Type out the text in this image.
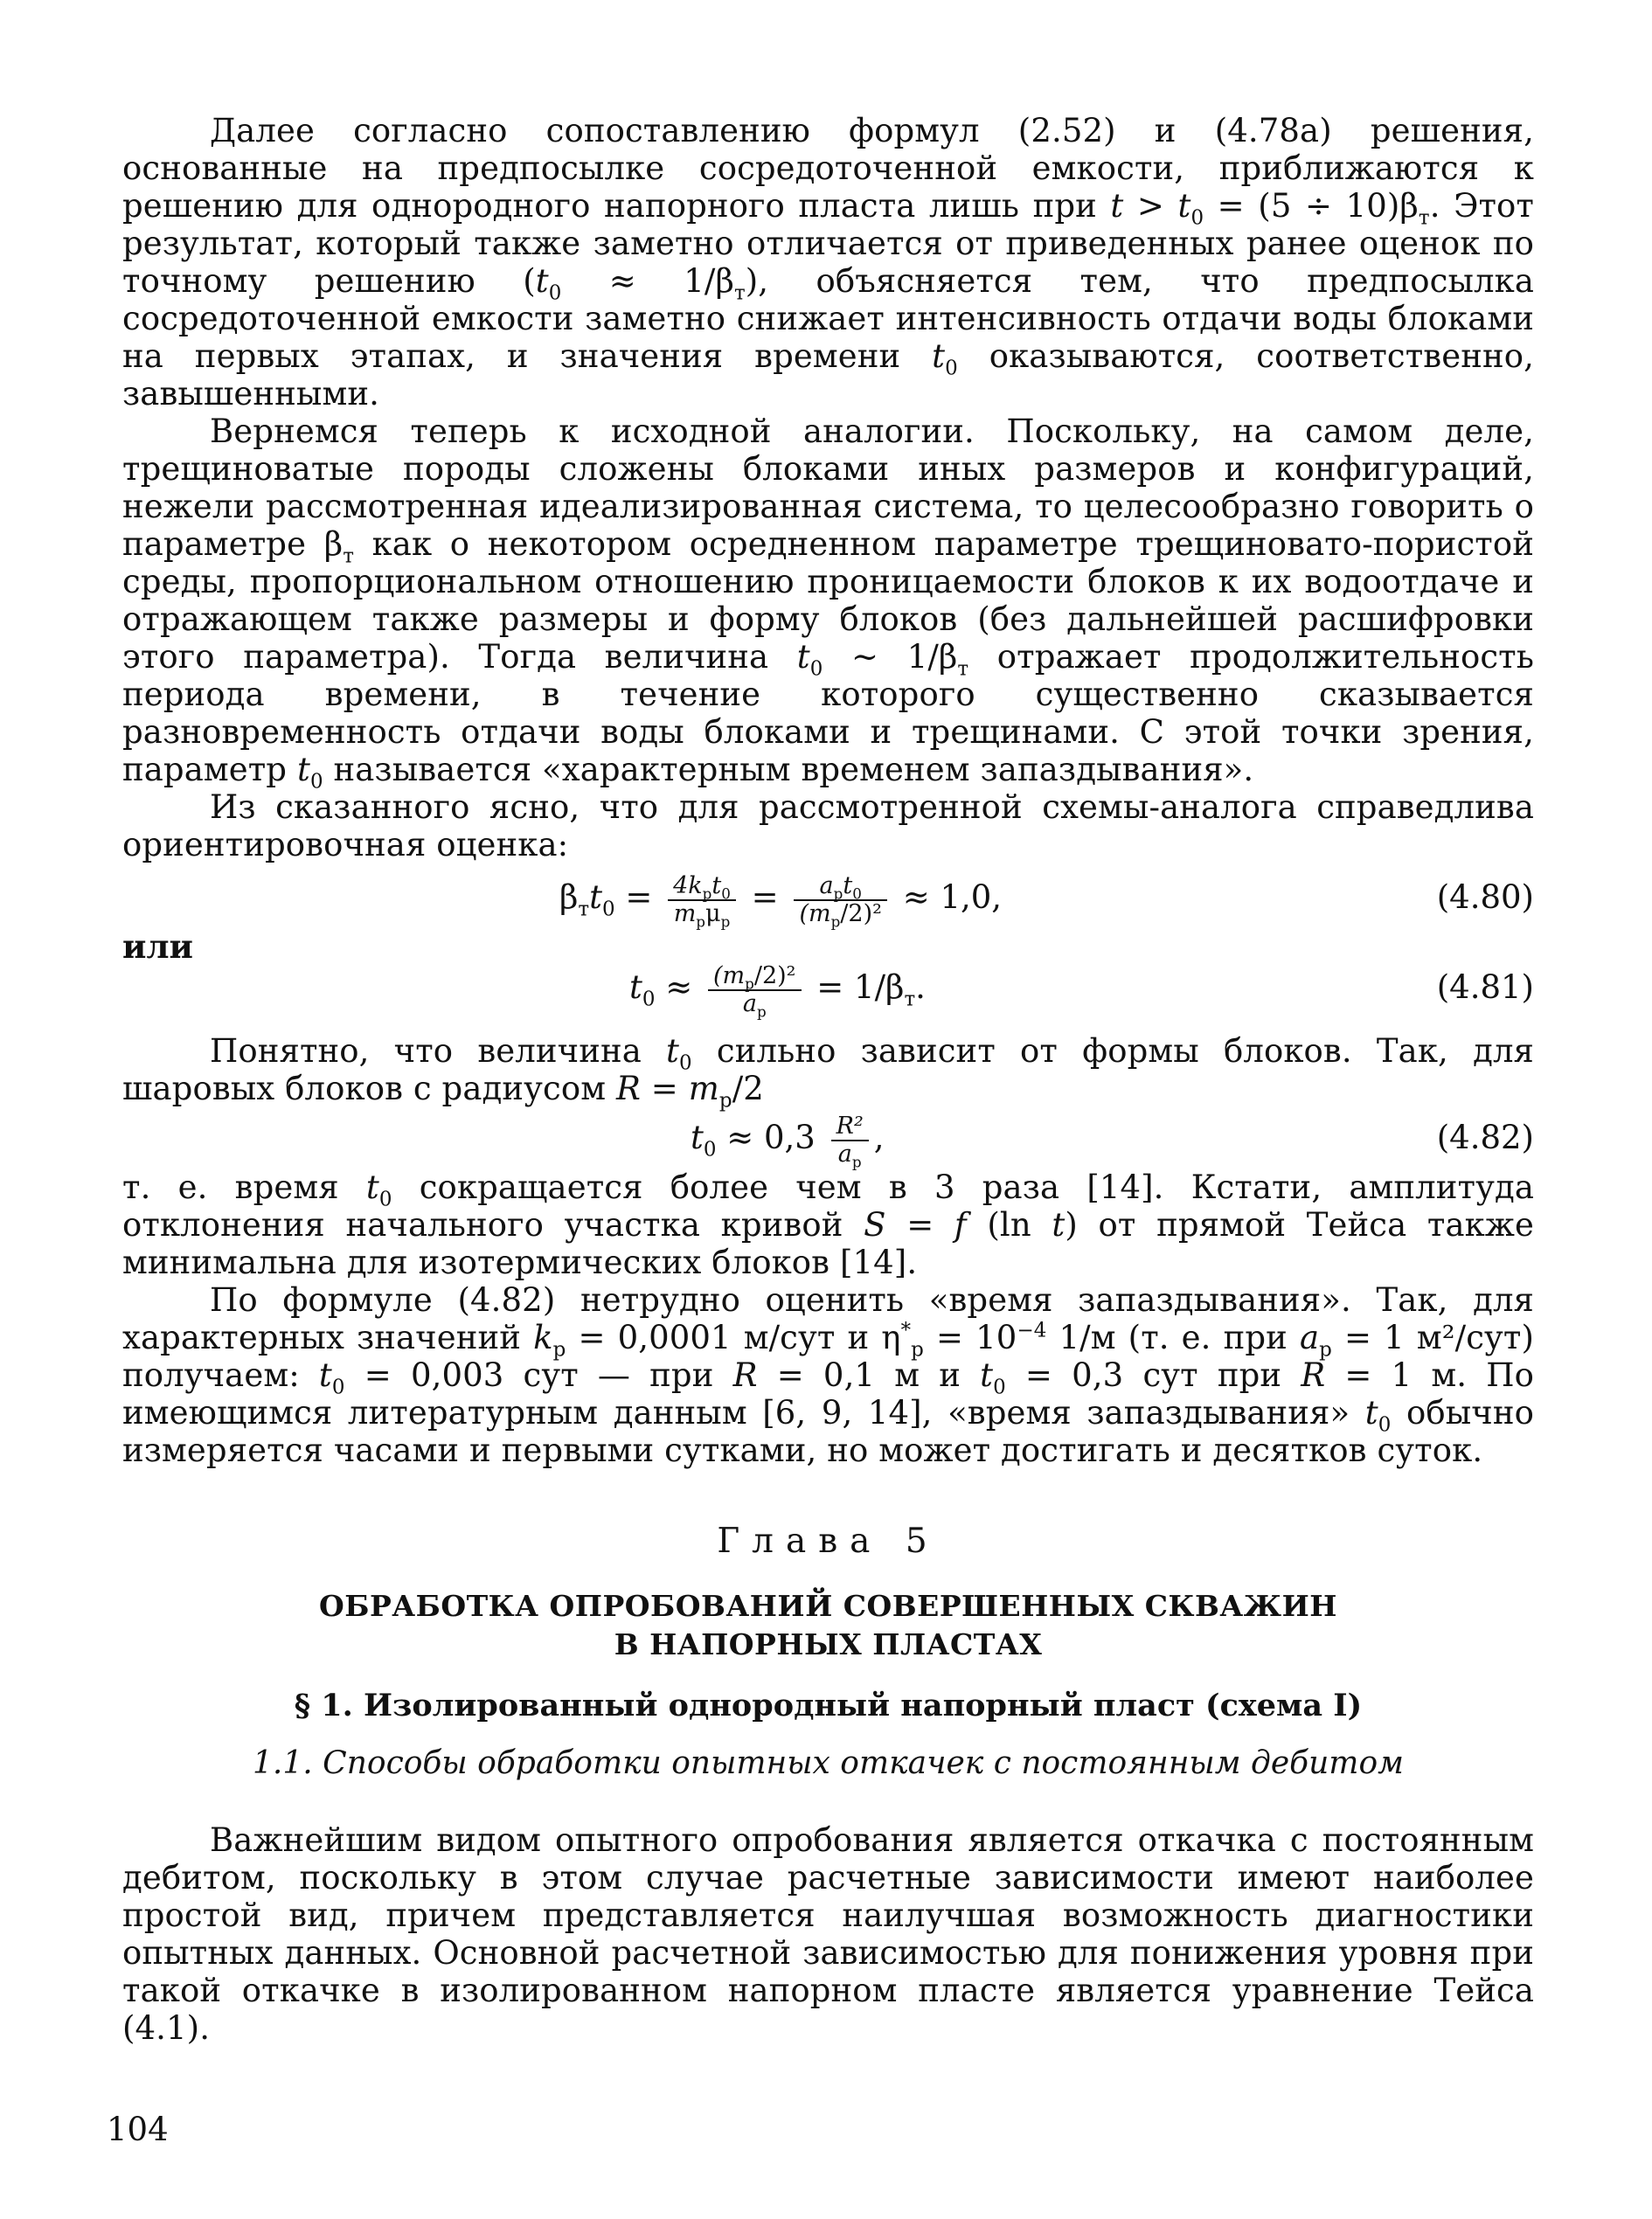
Далее согласно сопоставлению формул (2.52) и (4.78а) решения, основанные на предпосылке сосредоточенной емкости, приближаются к решению для однородного напорного пласта лишь при $t > t_0 = (5 \div 10)\beta_т$. Этот результат, который также заметно отличается от приведенных ранее оценок по точному решению $(t_0 \approx 1/\beta_т)$, объясняется тем, что предпосылка сосредоточенной емкости заметно снижает интенсивность отдачи воды блоками на первых этапах, и значения времени $t_0$ оказываются, соответственно, завышенными.

Вернемся теперь к исходной аналогии. Поскольку, на самом деле, трещиноватые породы сложены блоками иных размеров и конфигураций, нежели рассмотренная идеализированная система, то целесообразно говорить о параметре $\beta_т$ как о некотором осредненном параметре трещиновато-пористой среды, пропорциональном отношению проницаемости блоков к их водоотдаче и отражающем также размеры и форму блоков (без дальнейшей расшифровки этого параметра). Тогда величина $t_0$ ~ $1/\beta_т$ отражает продолжительность периода времени, в течение которого существенно сказывается разновременность отдачи воды блоками и трещинами. С этой точки зрения, параметр $t_0$ называется «характерным временем запаздывания».

Из сказанного ясно, что для рассмотренной схемы-аналога справедлива ориентировочная оценка:

$\beta_тt_0 = \frac{4k_рt_0}{m_р\mu_р} = \frac{a_рt_0}{(m_р/2)^2} \approx 1,0$,	(4.80)

или

$t_0 \approx \frac{(m_р/2)^2}{a_р} = 1/\beta_т$.	(4.81)

Понятно, что величина $t_0$ сильно зависит от формы блоков. Так, для шаровых блоков с радиусом $R = m_р/2$

$t_0 \approx 0,3 \frac{\text{R²}}{a_р}$ ,	(4.82)

т. е. время $t_0$ сокращается более чем в 3 раза [14]. Кстати, амплитуда отклонения начального участка кривой S = f (ln t) от прямой Тейса также минимальна для изотермических блоков [14].

По формуле (4.82) нетрудно оценить «время запаздывания». Так, для характерных значений $k_р = 0,0001$ м/сут и $\eta^*_р = 10^{-4}$ 1/м (т. е. при $a_р = 1$ м²/сут) получаем: $t_0 = 0,003$ сут — при R = 0,1 м и $t_0 = 0,3$ сут при R = 1 м. По имеющимся литературным данным [6, 9, 14], «время запаздывания» $t_0$ обычно измеряется часами и первыми сутками, но может достигать и десятков суток.

Глава 5

ОБРАБОТКА ОПРОБОВАНИЙ СОВЕРШЕННЫХ СКВАЖИН
В НАПОРНЫХ ПЛАСТАХ

§ 1. Изолированный однородный напорный пласт (схема I)

1.1. Способы обработки опытных откачек с постоянным дебитом

Важнейшим видом опытного опробования является откачка с постоянным дебитом, поскольку в этом случае расчетные зависимости имеют наиболее простой вид, причем представляется наилучшая возможность диагностики опытных данных. Основной расчетной зависимостью для понижения уровня при такой откачке в изолированном напорном пласте является уравнение Тейса (4.1).

104
